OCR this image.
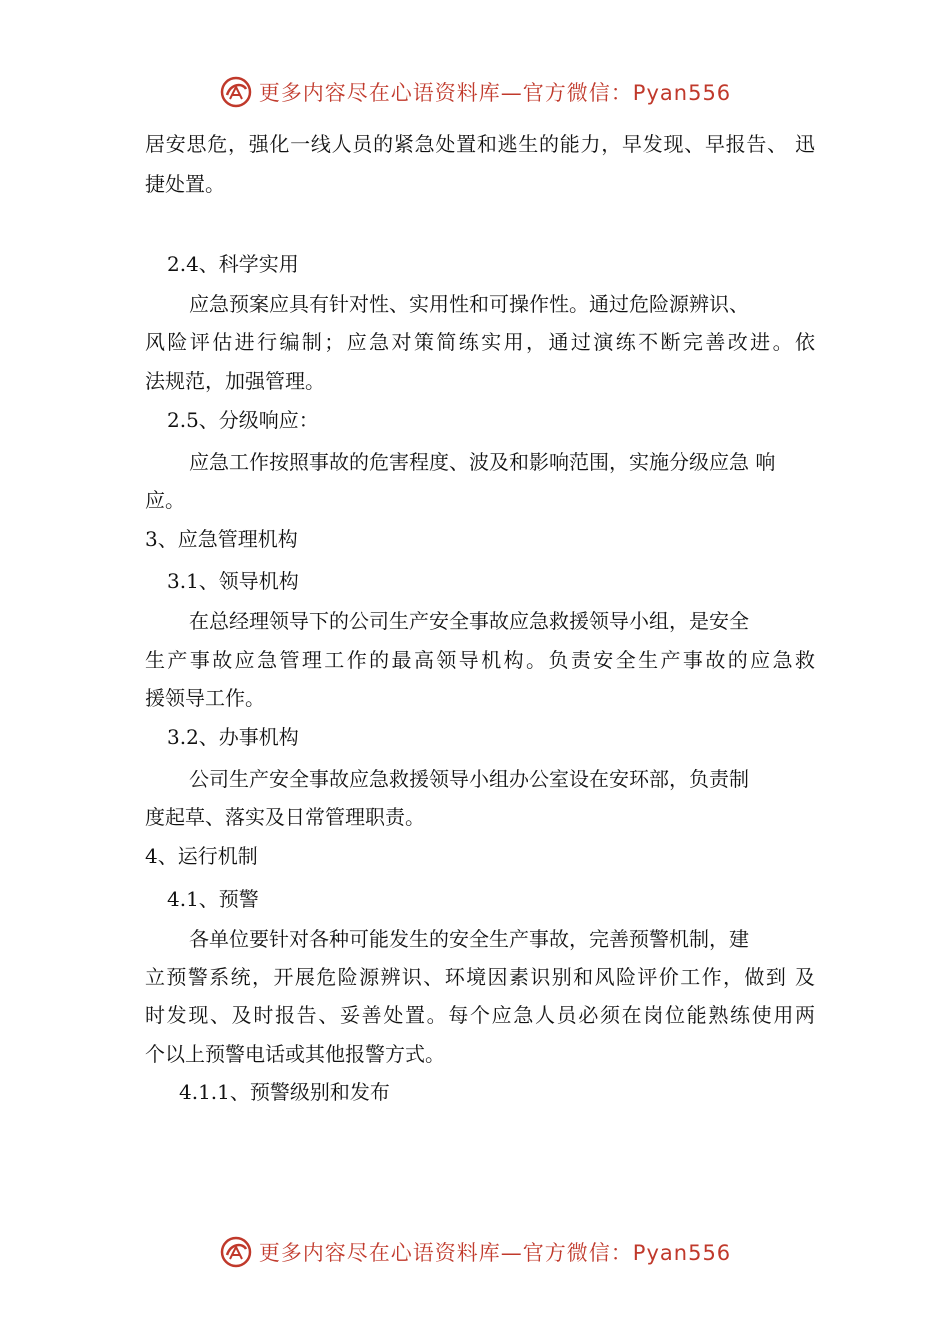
更多内容尽在心语资料库—官方微信：Pyan556
居安思危，强化一线人员的紧急处置和逃生的能力，早发现、早报告、 迅
捷处置。
2.4、科学实用
应急预案应具有针对性、实用性和可操作性。通过危险源辨识、
风险评估进行编制；应急对策简练实用，通过演练不断完善改进。依
法规范，加强管理。
2.5、分级响应：
应急工作按照事故的危害程度、波及和影响范围，实施分级应急 响
应。
3、应急管理机构
3.1、领导机构
在总经理领导下的公司生产安全事故应急救援领导小组，是安全
生产事故应急管理工作的最高领导机构。负责安全生产事故的应急救
援领导工作。
3.2、办事机构
公司生产安全事故应急救援领导小组办公室设在安环部，负责制
度起草、落实及日常管理职责。
4、运行机制
4.1、预警
各单位要针对各种可能发生的安全生产事故，完善预警机制，建
立预警系统，开展危险源辨识、环境因素识别和风险评价工作，做到 及
时发现、及时报告、妥善处置。每个应急人员必须在岗位能熟练使用两
个以上预警电话或其他报警方式。
4.1.1、预警级别和发布
更多内容尽在心语资料库—官方微信：Pyan556
